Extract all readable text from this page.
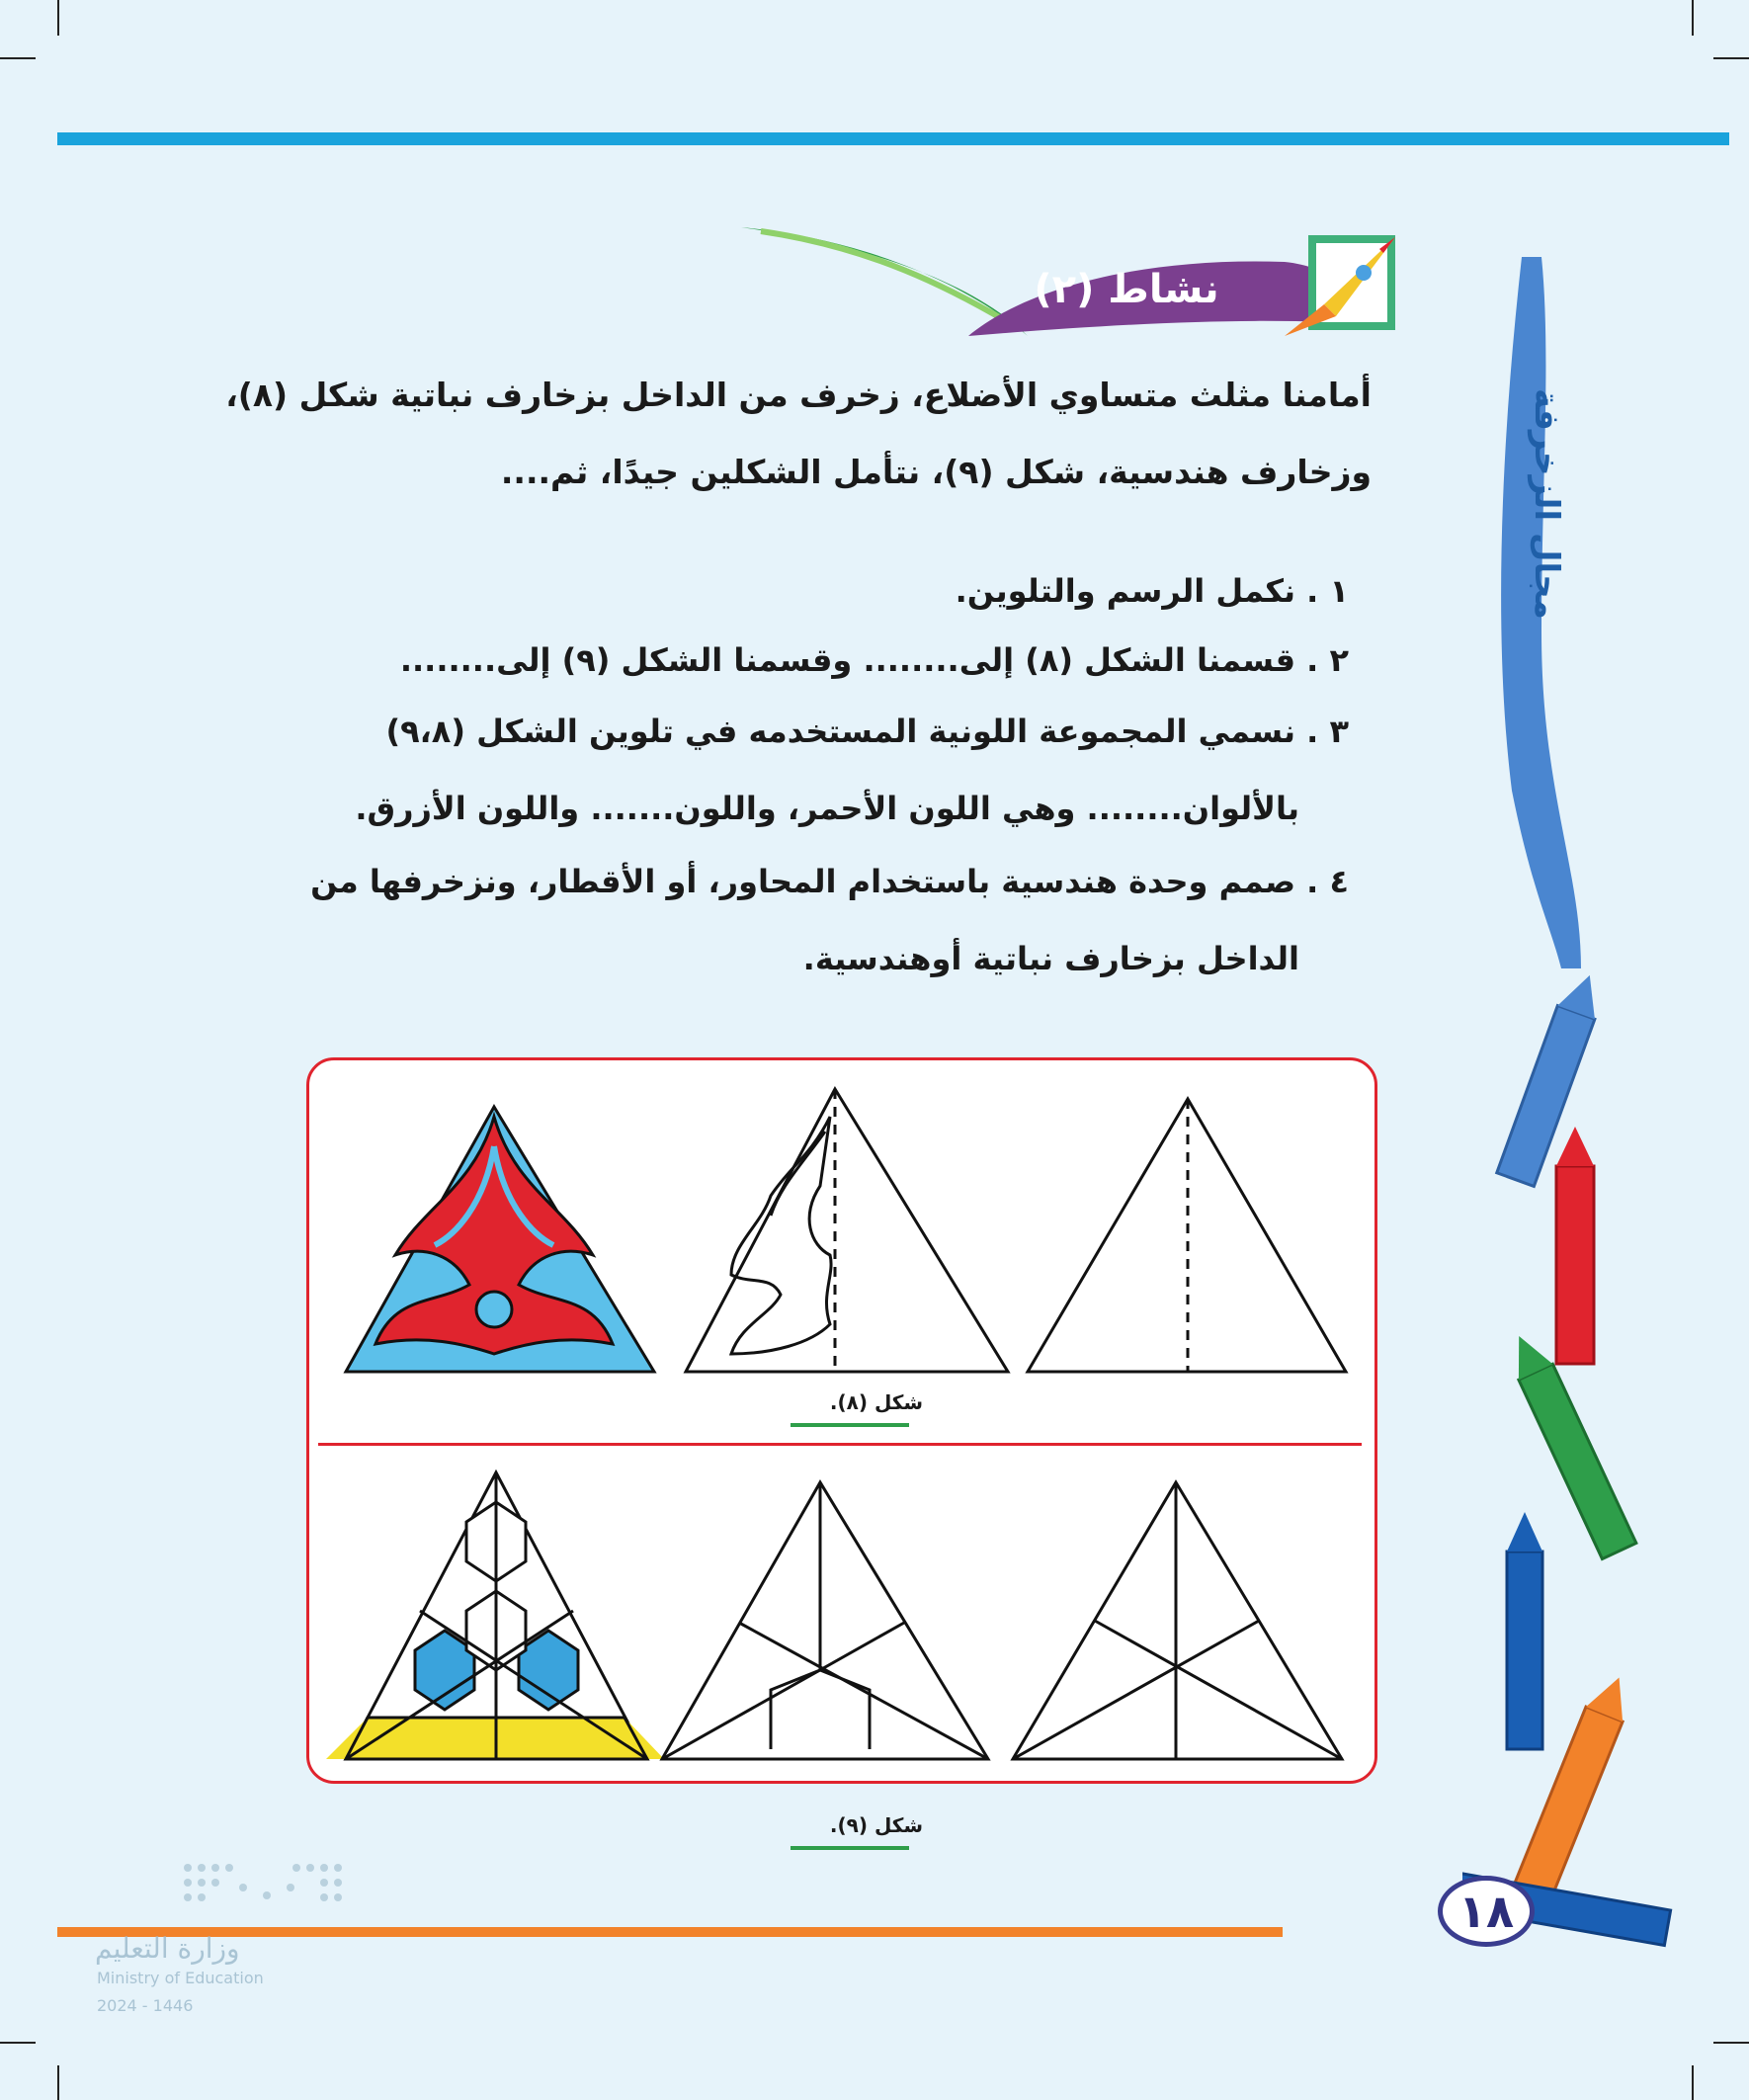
نشاط (٢)
أمامنا مثلث متساوي الأضلاع، زخرف من الداخل بزخارف نباتية شكل (٨)،
وزخارف هندسية، شكل (٩)، نتأمل الشكلين جيدًا، ثم....
١ . نكمل الرسم والتلوين.
٢ . قسمنا الشكل (٨) إلى........ وقسمنا الشكل (٩) إلى........
٣ . نسمي المجموعة اللونية المستخدمه في تلوين الشكل (٩،٨)
بالألوان........ وهي اللون الأحمر، واللون....... واللون الأزرق.
٤ . صمم وحدة هندسية باستخدام المحاور، أو الأقطار، ونزخرفها من
الداخل بزخارف نباتية أوهندسية.
شكل (٨).
شكل (٩).
مجال الزخرفة
١٨
وزارة التعليم
Ministry of Education
2024 - 1446
